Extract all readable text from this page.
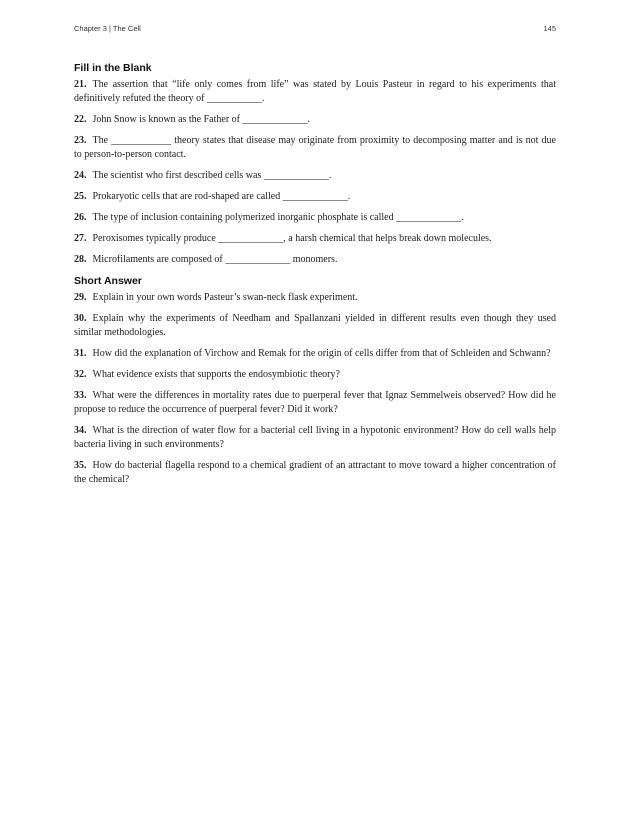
Chapter 3 | The Cell	145
Fill in the Blank

21. The assertion that “life only comes from life” was stated by Louis Pasteur in regard to his experiments that definitively refuted the theory of ___________.

22. John Snow is known as the Father of _____________.

23. The ____________ theory states that disease may originate from proximity to decomposing matter and is not due to person-to-person contact.

24. The scientist who first described cells was _____________.

25. Prokaryotic cells that are rod-shaped are called _____________.

26. The type of inclusion containing polymerized inorganic phosphate is called _____________.

27. Peroxisomes typically produce _____________, a harsh chemical that helps break down molecules.

28. Microfilaments are composed of _____________ monomers.

Short Answer

29. Explain in your own words Pasteur’s swan-neck flask experiment.

30. Explain why the experiments of Needham and Spallanzani yielded in different results even though they used similar methodologies.

31. How did the explanation of Virchow and Remak for the origin of cells differ from that of Schleiden and Schwann?

32. What evidence exists that supports the endosymbiotic theory?

33. What were the differences in mortality rates due to puerperal fever that Ignaz Semmelweis observed? How did he propose to reduce the occurrence of puerperal fever? Did it work?

34. What is the direction of water flow for a bacterial cell living in a hypotonic environment? How do cell walls help bacteria living in such environments?

35. How do bacterial flagella respond to a chemical gradient of an attractant to move toward a higher concentration of the chemical?
